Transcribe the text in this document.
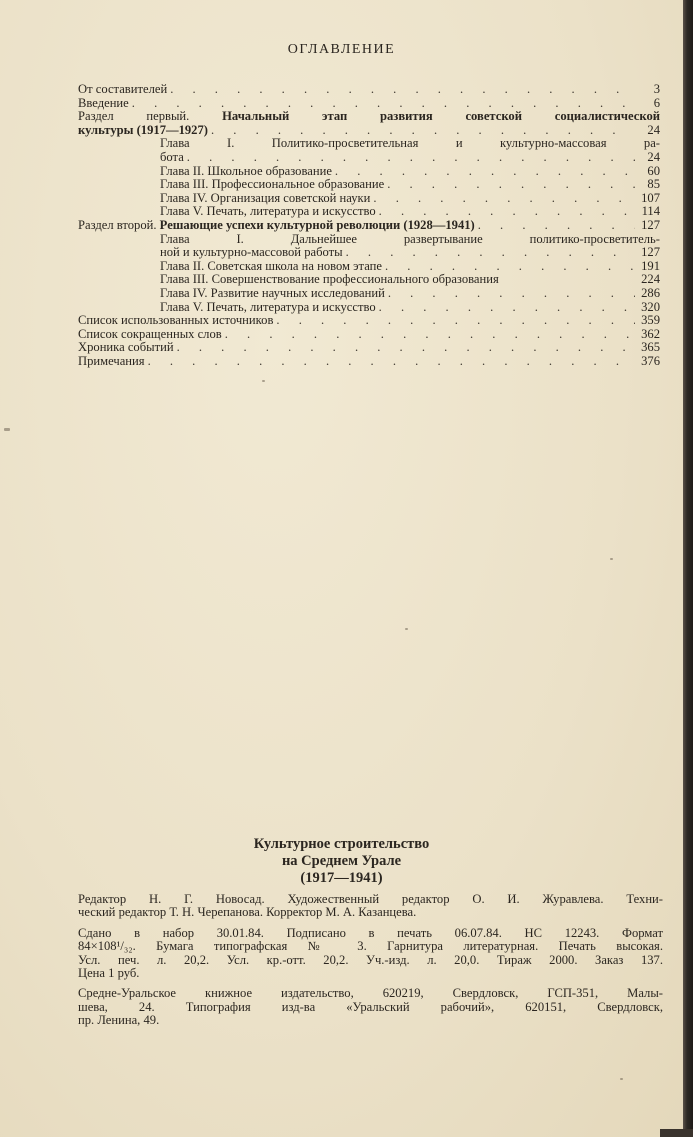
ОГЛАВЛЕНИЕ
От составителей . . .	3
Введение . . .	6
Раздел первый. Начальный этап развития советской социалистической
культуры (1917—1927) . . .	24
Глава I. Политико-просветительная и культурно-массовая ра-
бота . . .	24
Глава II. Школьное образование . . .	60
Глава III. Профессиональное образование . . .	85
Глава IV. Организация советской науки . . .	107
Глава V. Печать, литература и искусство . . .	114
Раздел второй. Решающие успехи культурной революции (1928—1941) . . .	127
Глава I. Дальнейшее развертывание политико-просветитель-
ной и культурно-массовой работы . . .	127
Глава II. Советская школа на новом этапе . . .	191
Глава III. Совершенствование профессионального образования	224
Глава IV. Развитие научных исследований . . .	286
Глава V. Печать, литература и искусство . . .	320
Список использованных источников . . .	359
Список сокращенных слов . . .	362
Хроника событий . . .	365
Примечания . . .	376
Культурное строительство
на Среднем Урале
(1917—1941)

Редактор Н. Г. Новосад. Художественный редактор О. И. Журавлева. Техни-
ческий редактор Т. Н. Черепанова. Корректор М. А. Казанцева.

Сдано в набор 30.01.84. Подписано в печать 06.07.84. НС 12243. Формат
84×108¹/₃₂. Бумага типографская № 3. Гарнитура литературная. Печать высокая.
Усл. печ. л. 20,2. Усл. кр.-отт. 20,2. Уч.-изд. л. 20,0. Тираж 2000. Заказ 137.
Цена 1 руб.

Средне-Уральское книжное издательство, 620219, Свердловск, ГСП-351, Малы-
шева, 24. Типография изд-ва «Уральский рабочий», 620151, Свердловск,
пр. Ленина, 49.
